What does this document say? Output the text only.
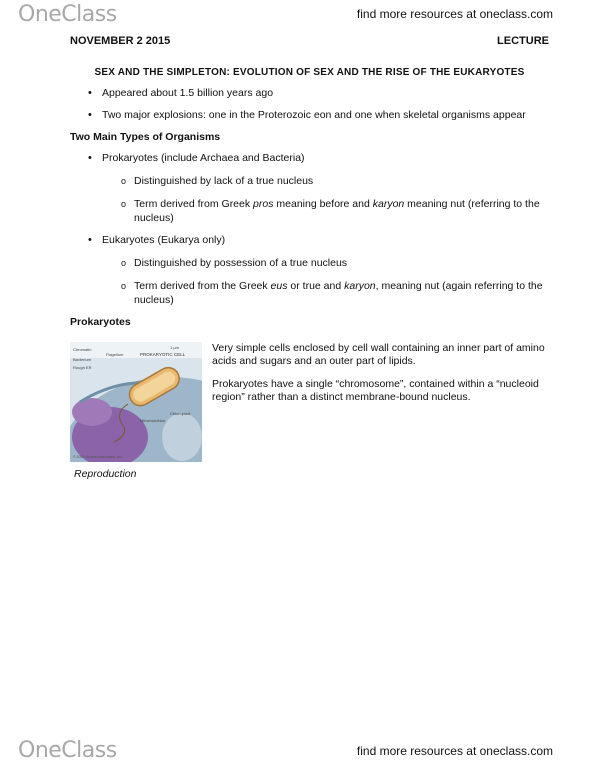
OneClass	find more resources at oneclass.com
NOVEMBER 2 2015	LECTURE
SEX AND THE SIMPLETON: EVOLUTION OF SEX AND THE RISE OF THE EUKARYOTES
• Appeared about 1.5 billion years ago
• Two major explosions: one in the Proterozoic eon and one when skeletal organisms appear
Two Main Types of Organisms
• Prokaryotes (include Archaea and Bacteria)
o Distinguished by lack of a true nucleus
o Term derived from Greek pros meaning before and karyon meaning nut (referring to the nucleus)
• Eukaryotes (Eukarya only)
o Distinguished by possession of a true nucleus
o Term derived from the Greek eus or true and karyon, meaning nut (again referring to the nucleus)
Prokaryotes
Chromatin
Bacterium
Rough ER
Flagellum	PROKARYOTIC CELL
1 µm
Chloroplast
Mitochondrion
© 2002 Sinauer Associates, Inc.

Very simple cells enclosed by cell wall containing an inner part of amino acids and sugars and an outer part of lipids.

Prokaryotes have a single “chromosome”, contained within a “nucleoid region” rather than a distinct membrane-bound nucleus.

Reproduction
OneClass	find more resources at oneclass.com
